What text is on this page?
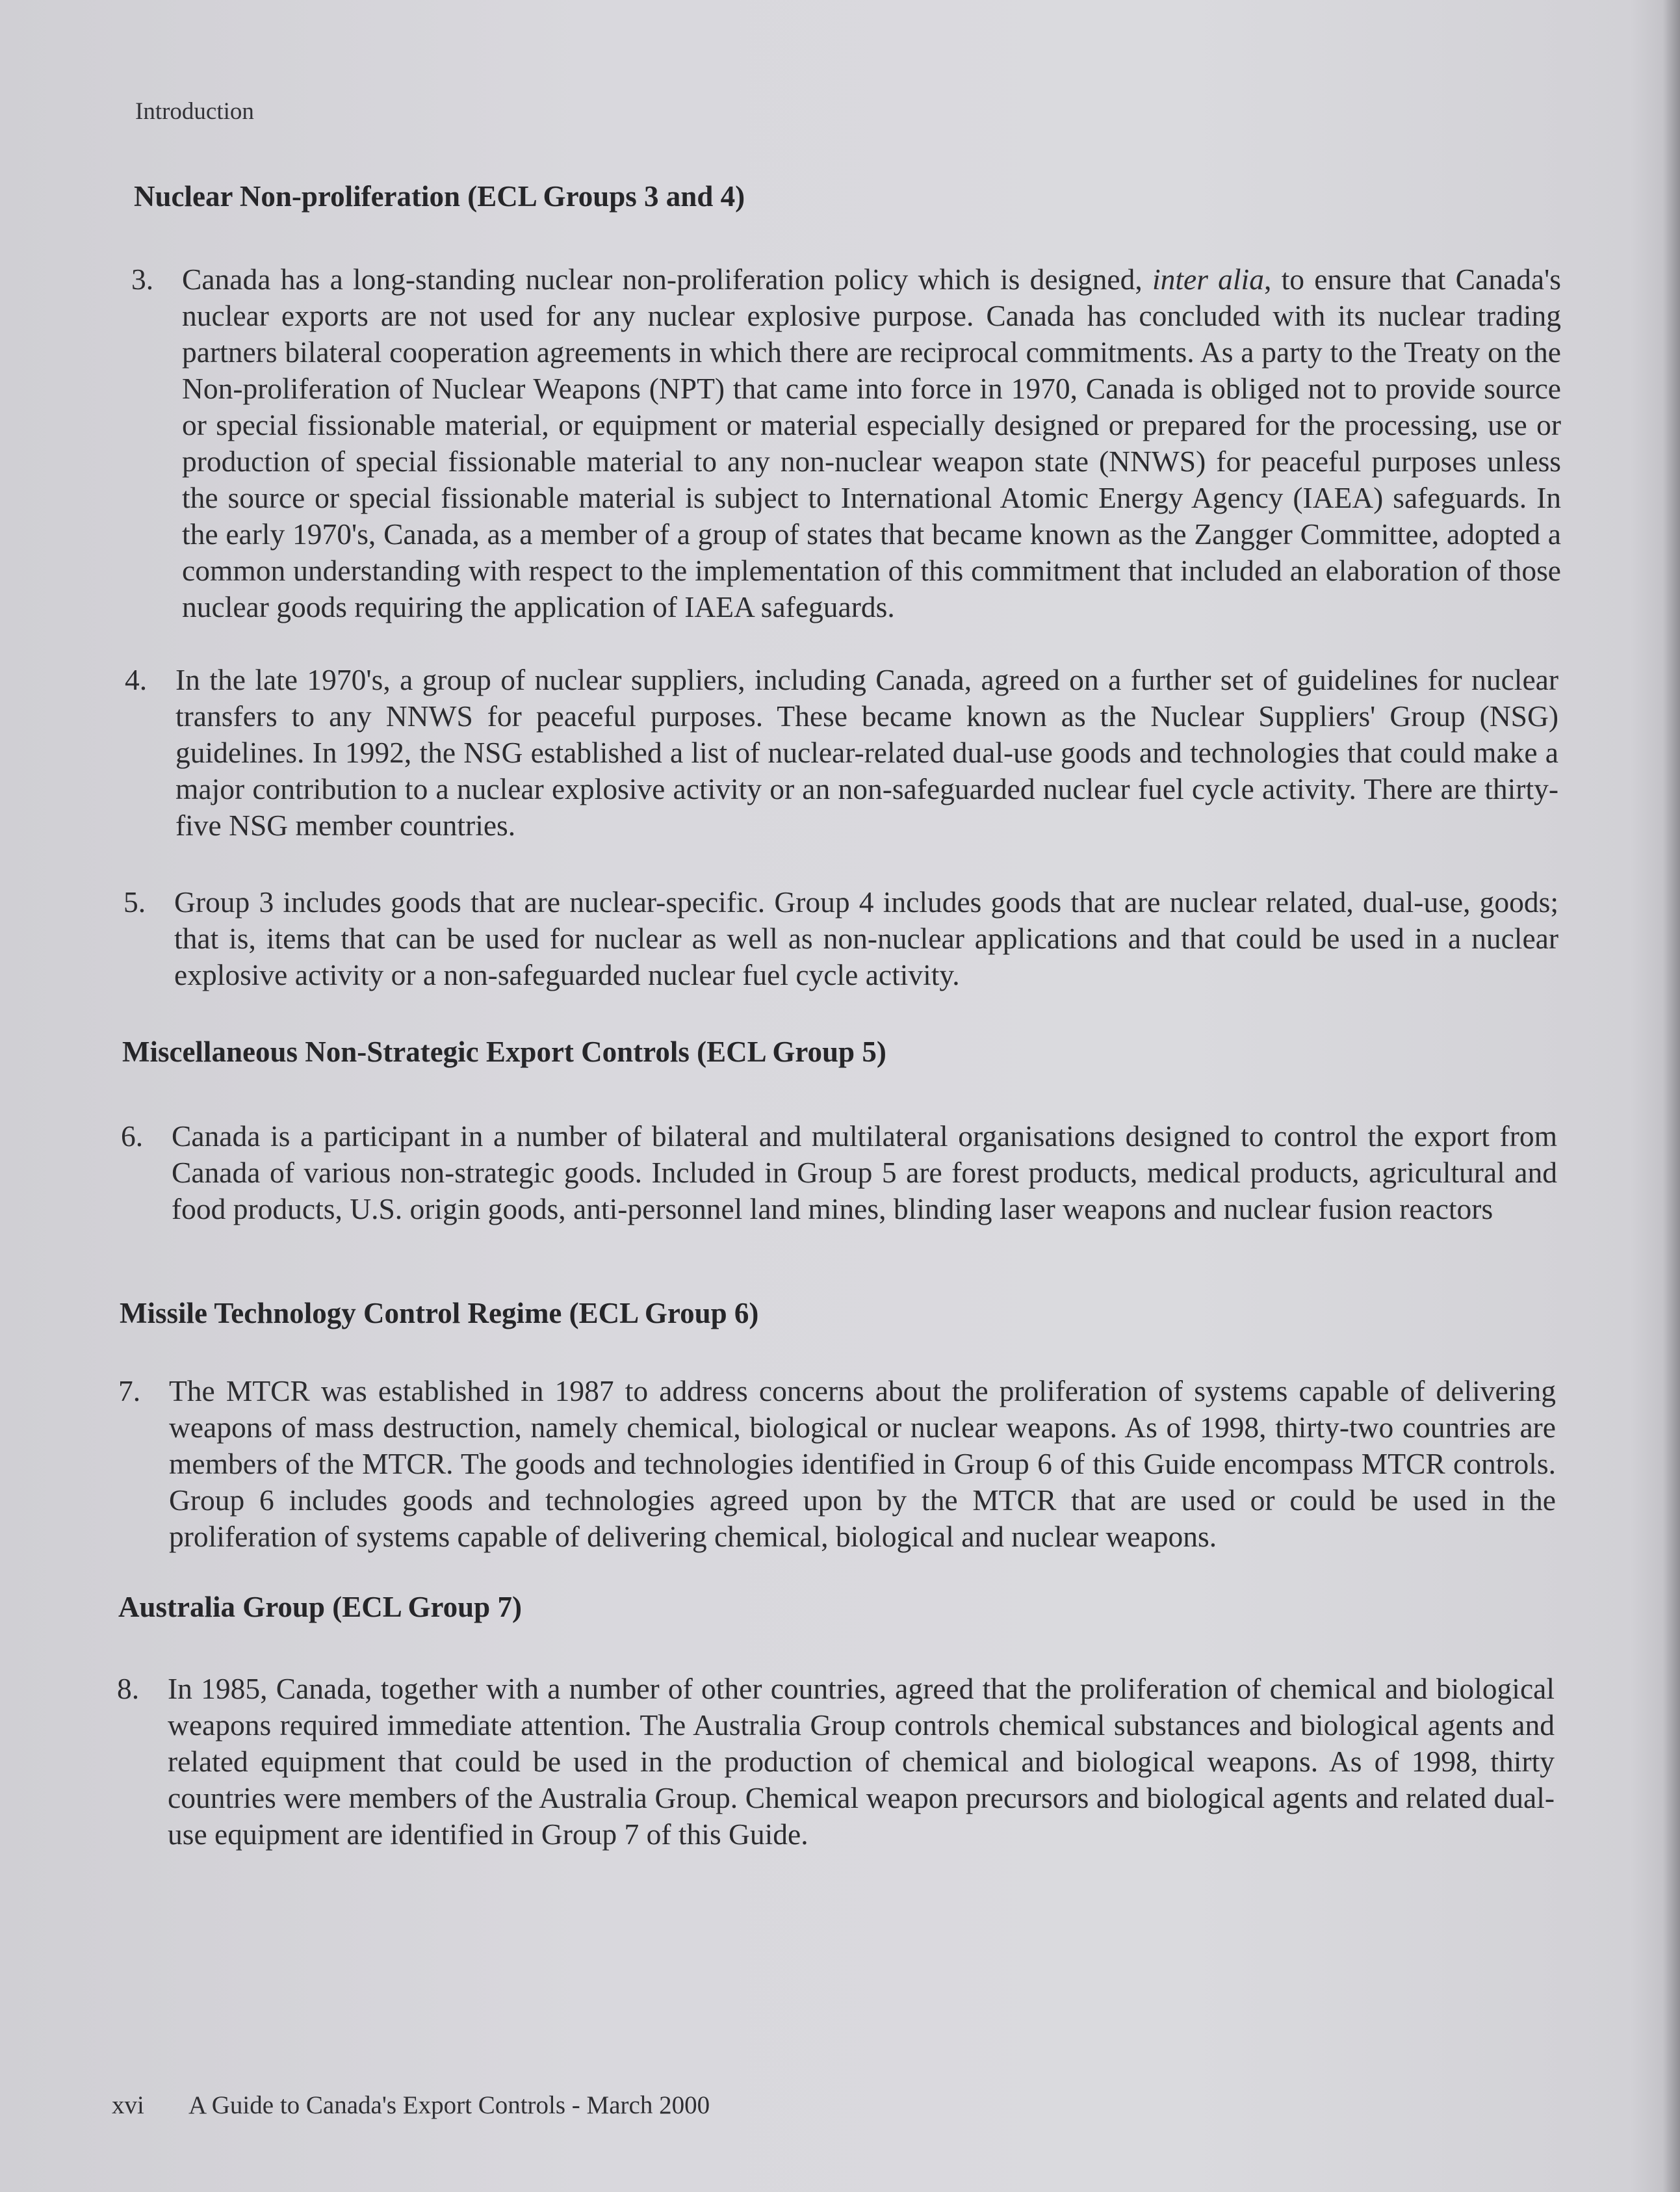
Introduction
Nuclear Non-proliferation (ECL Groups 3 and 4)
3. Canada has a long-standing nuclear non-proliferation policy which is designed, inter alia, to ensure that Canada's nuclear exports are not used for any nuclear explosive purpose. Canada has concluded with its nuclear trading partners bilateral cooperation agreements in which there are reciprocal commitments. As a party to the Treaty on the Non-proliferation of Nuclear Weapons (NPT) that came into force in 1970, Canada is obliged not to provide source or special fissionable material, or equipment or material especially designed or prepared for the processing, use or production of special fissionable material to any non-nuclear weapon state (NNWS) for peaceful purposes unless the source or special fissionable material is subject to International Atomic Energy Agency (IAEA) safeguards. In the early 1970's, Canada, as a member of a group of states that became known as the Zangger Committee, adopted a common understanding with respect to the implementation of this commitment that included an elaboration of those nuclear goods requiring the application of IAEA safeguards.
4. In the late 1970's, a group of nuclear suppliers, including Canada, agreed on a further set of guidelines for nuclear transfers to any NNWS for peaceful purposes. These became known as the Nuclear Suppliers' Group (NSG) guidelines. In 1992, the NSG established a list of nuclear-related dual-use goods and technologies that could make a major contribution to a nuclear explosive activity or an non-safeguarded nuclear fuel cycle activity. There are thirty-five NSG member countries.
5. Group 3 includes goods that are nuclear-specific. Group 4 includes goods that are nuclear related, dual-use, goods; that is, items that can be used for nuclear as well as non-nuclear applications and that could be used in a nuclear explosive activity or a non-safeguarded nuclear fuel cycle activity.
Miscellaneous Non-Strategic Export Controls (ECL Group 5)
6. Canada is a participant in a number of bilateral and multilateral organisations designed to control the export from Canada of various non-strategic goods. Included in Group 5 are forest products, medical products, agricultural and food products, U.S. origin goods, anti-personnel land mines, blinding laser weapons and nuclear fusion reactors
Missile Technology Control Regime (ECL Group 6)
7. The MTCR was established in 1987 to address concerns about the proliferation of systems capable of delivering weapons of mass destruction, namely chemical, biological or nuclear weapons. As of 1998, thirty-two countries are members of the MTCR. The goods and technologies identified in Group 6 of this Guide encompass MTCR controls. Group 6 includes goods and technologies agreed upon by the MTCR that are used or could be used in the proliferation of systems capable of delivering chemical, biological and nuclear weapons.
Australia Group (ECL Group 7)
8. In 1985, Canada, together with a number of other countries, agreed that the proliferation of chemical and biological weapons required immediate attention. The Australia Group controls chemical substances and biological agents and related equipment that could be used in the production of chemical and biological weapons. As of 1998, thirty countries were members of the Australia Group. Chemical weapon precursors and biological agents and related dual-use equipment are identified in Group 7 of this Guide.
xvi A Guide to Canada's Export Controls - March 2000
